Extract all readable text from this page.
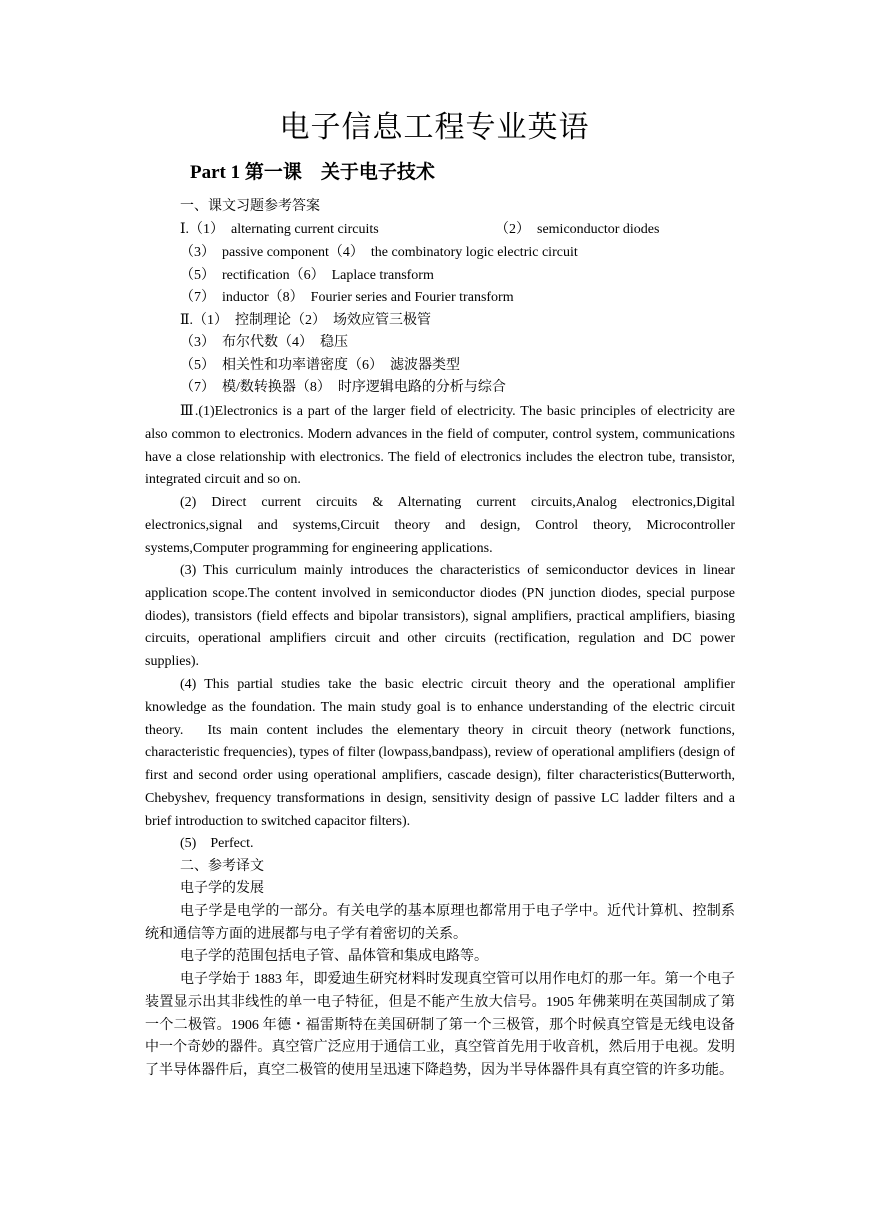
电子信息工程专业英语
Part 1 第一课　关于电子技术
一、课文习题参考答案
Ⅰ.（1）　alternating current circuits	（2）　semiconductor diodes
（3）　passive component（4）　the combinatory logic electric circuit
（5）　rectification（6）　Laplace transform
（7）　inductor（8）　Fourier series and Fourier transform
Ⅱ.（1）　控制理论（2）　场效应管三极管
（3）　布尔代数（4）　稳压
（5）　相关性和功率谱密度（6）　滤波器类型
（7）　模/数转换器（8）　时序逻辑电路的分析与综合
Ⅲ.(1)Electronics is a part of the larger field of electricity. The basic principles of electricity are also common to electronics. Modern advances in the field of computer, control system, communications have a close relationship with electronics. The field of electronics includes the electron tube, transistor, integrated circuit and so on.
(2) Direct current circuits & Alternating current circuits,Analog electronics,Digital electronics,signal and systems,Circuit theory and design, Control theory, Microcontroller systems,Computer programming for engineering applications.
(3) This curriculum mainly introduces the characteristics of semiconductor devices in linear application scope.The content involved in semiconductor diodes (PN junction diodes, special purpose diodes), transistors (field effects and bipolar transistors), signal amplifiers, practical amplifiers, biasing circuits, operational amplifiers circuit and other circuits (rectification, regulation and DC power supplies).
(4) This partial studies take the basic electric circuit theory and the operational amplifier knowledge as the foundation. The main study goal is to enhance understanding of the electric circuit theory.　Its main content includes the elementary theory in circuit theory (network functions, characteristic frequencies), types of filter (lowpass,bandpass), review of operational amplifiers (design of first and second order using operational amplifiers, cascade design), filter characteristics(Butterworth, Chebyshev, frequency transformations in design, sensitivity design of passive LC ladder filters and a brief introduction to switched capacitor filters).
(5)　Perfect.
二、参考译文
电子学的发展
电子学是电学的一部分。有关电学的基本原理也都常用于电子学中。近代计算机、控制系统和通信等方面的进展都与电子学有着密切的关系。
电子学的范围包括电子管、晶体管和集成电路等。
电子学始于 1883 年，即爱迪生研究材料时发现真空管可以用作电灯的那一年。第一个电子装置显示出其非线性的单一电子特征，但是不能产生放大信号。1905 年佛莱明在英国制成了第一个二极管。1906 年德・福雷斯特在美国研制了第一个三极管，那个时候真空管是无线电设备中一个奇妙的器件。真空管广泛应用于通信工业，真空管首先用于收音机，然后用于电视。发明了半导体器件后，真空二极管的使用呈迅速下降趋势，因为半导体器件具有真空管的许多功能。
